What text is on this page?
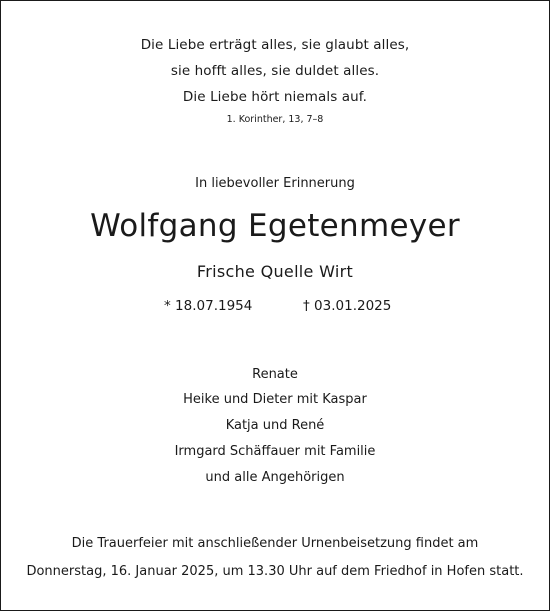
Die Liebe erträgt alles, sie glaubt alles,
sie hofft alles, sie duldet alles.
Die Liebe hört niemals auf.
1. Korinther, 13, 7–8
In liebevoller Erinnerung
Wolfgang Egetenmeyer
Frische Quelle Wirt
* 18.07.1954	† 03.01.2025
Renate
Heike und Dieter mit Kaspar
Katja und René
Irmgard Schäffauer mit Familie
und alle Angehörigen
Die Trauerfeier mit anschließender Urnenbeisetzung findet am
Donnerstag, 16. Januar 2025, um 13.30 Uhr auf dem Friedhof in Hofen statt.
